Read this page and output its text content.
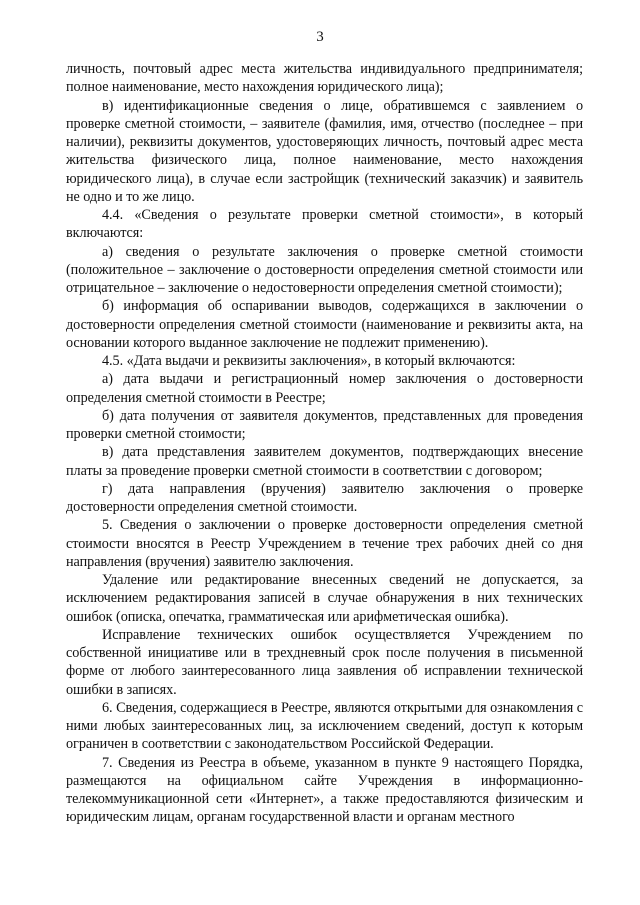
3

личность, почтовый адрес места жительства индивидуального предпринимателя; полное наименование, место нахождения юридического лица);

в) идентификационные сведения о лице, обратившемся с заявлением о проверке сметной стоимости, – заявителе (фамилия, имя, отчество (последнее – при наличии), реквизиты документов, удостоверяющих личность, почтовый адрес места жительства физического лица, полное наименование, место нахождения юридического лица), в случае если застройщик (технический заказчик) и заявитель не одно и то же лицо.

4.4. «Сведения о результате проверки сметной стоимости», в который включаются:

а) сведения о результате заключения о проверке сметной стоимости (положительное – заключение о достоверности определения сметной стоимости или отрицательное – заключение о недостоверности определения сметной стоимости);

б) информация об оспаривании выводов, содержащихся в заключении о достоверности определения сметной стоимости (наименование и реквизиты акта, на основании которого выданное заключение не подлежит применению).

4.5. «Дата выдачи и реквизиты заключения», в который включаются:

а) дата выдачи и регистрационный номер заключения о достоверности определения сметной стоимости в Реестре;

б) дата получения от заявителя документов, представленных для проведения проверки сметной стоимости;

в) дата представления заявителем документов, подтверждающих внесение платы за проведение проверки сметной стоимости в соответствии с договором;

г) дата направления (вручения) заявителю заключения о проверке достоверности определения сметной стоимости.

5. Сведения о заключении о проверке достоверности определения сметной стоимости вносятся в Реестр Учреждением в течение трех рабочих дней со дня направления (вручения) заявителю заключения.

Удаление или редактирование внесенных сведений не допускается, за исключением редактирования записей в случае обнаружения в них технических ошибок (описка, опечатка, грамматическая или арифметическая ошибка).

Исправление технических ошибок осуществляется Учреждением по собственной инициативе или в трехдневный срок после получения в письменной форме от любого заинтересованного лица заявления об исправлении технической ошибки в записях.

6. Сведения, содержащиеся в Реестре, являются открытыми для ознакомления с ними любых заинтересованных лиц, за исключением сведений, доступ к которым ограничен в соответствии с законодательством Российской Федерации.

7. Сведения из Реестра в объеме, указанном в пункте 9 настоящего Порядка, размещаются на официальном сайте Учреждения в информационно-телекоммуникационной сети «Интернет», а также предоставляются физическим и юридическим лицам, органам государственной власти и органам местного
